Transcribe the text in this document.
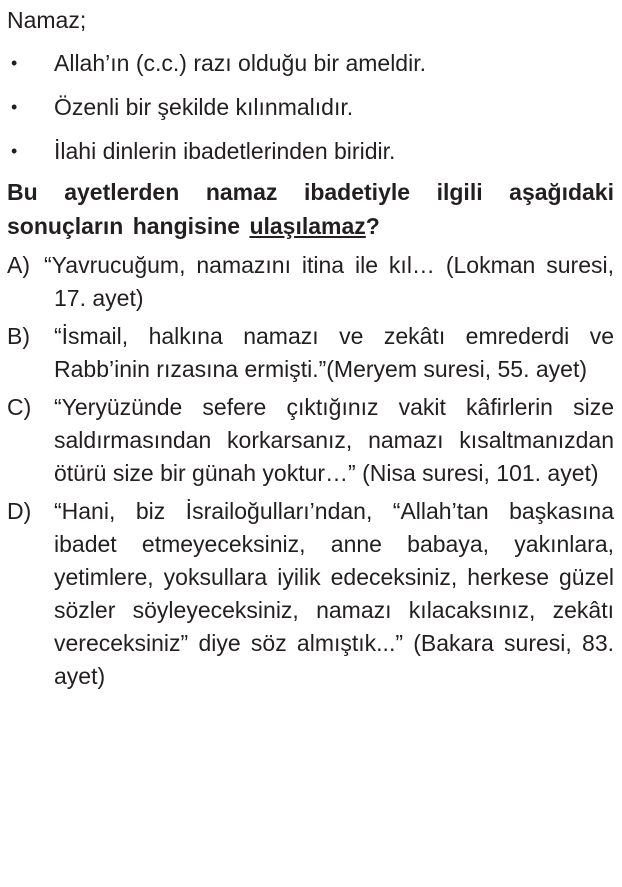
Namaz;

• Allah’ın (c.c.) razı olduğu bir ameldir.
• Özenli bir şekilde kılınmalıdır.
• İlahi dinlerin ibadetlerinden biridir.

Bu ayetlerden namaz ibadetiyle ilgili aşağıdaki sonuçların hangisine ulaşılamaz?

A) “Yavrucuğum, namazını itina ile kıl… (Lokman suresi, 17. ayet)
B) “İsmail, halkına namazı ve zekâtı emrederdi ve Rabb’inin rızasına ermişti.”(Meryem suresi, 55. ayet)
C) “Yeryüzünde sefere çıktığınız vakit kâfirlerin size saldırmasından korkarsanız, namazı kısaltmanızdan ötürü size bir günah yoktur…” (Nisa suresi, 101. ayet)
D) “Hani, biz İsrailoğulları’ndan, “Allah’tan başkasına ibadet etmeyeceksiniz, anne babaya, yakınlara, yetimlere, yoksullara iyilik edeceksiniz, herkese güzel sözler söyleyeceksiniz, namazı kılacaksınız, zekâtı vereceksiniz” diye söz almıştık...” (Bakara suresi, 83. ayet)
